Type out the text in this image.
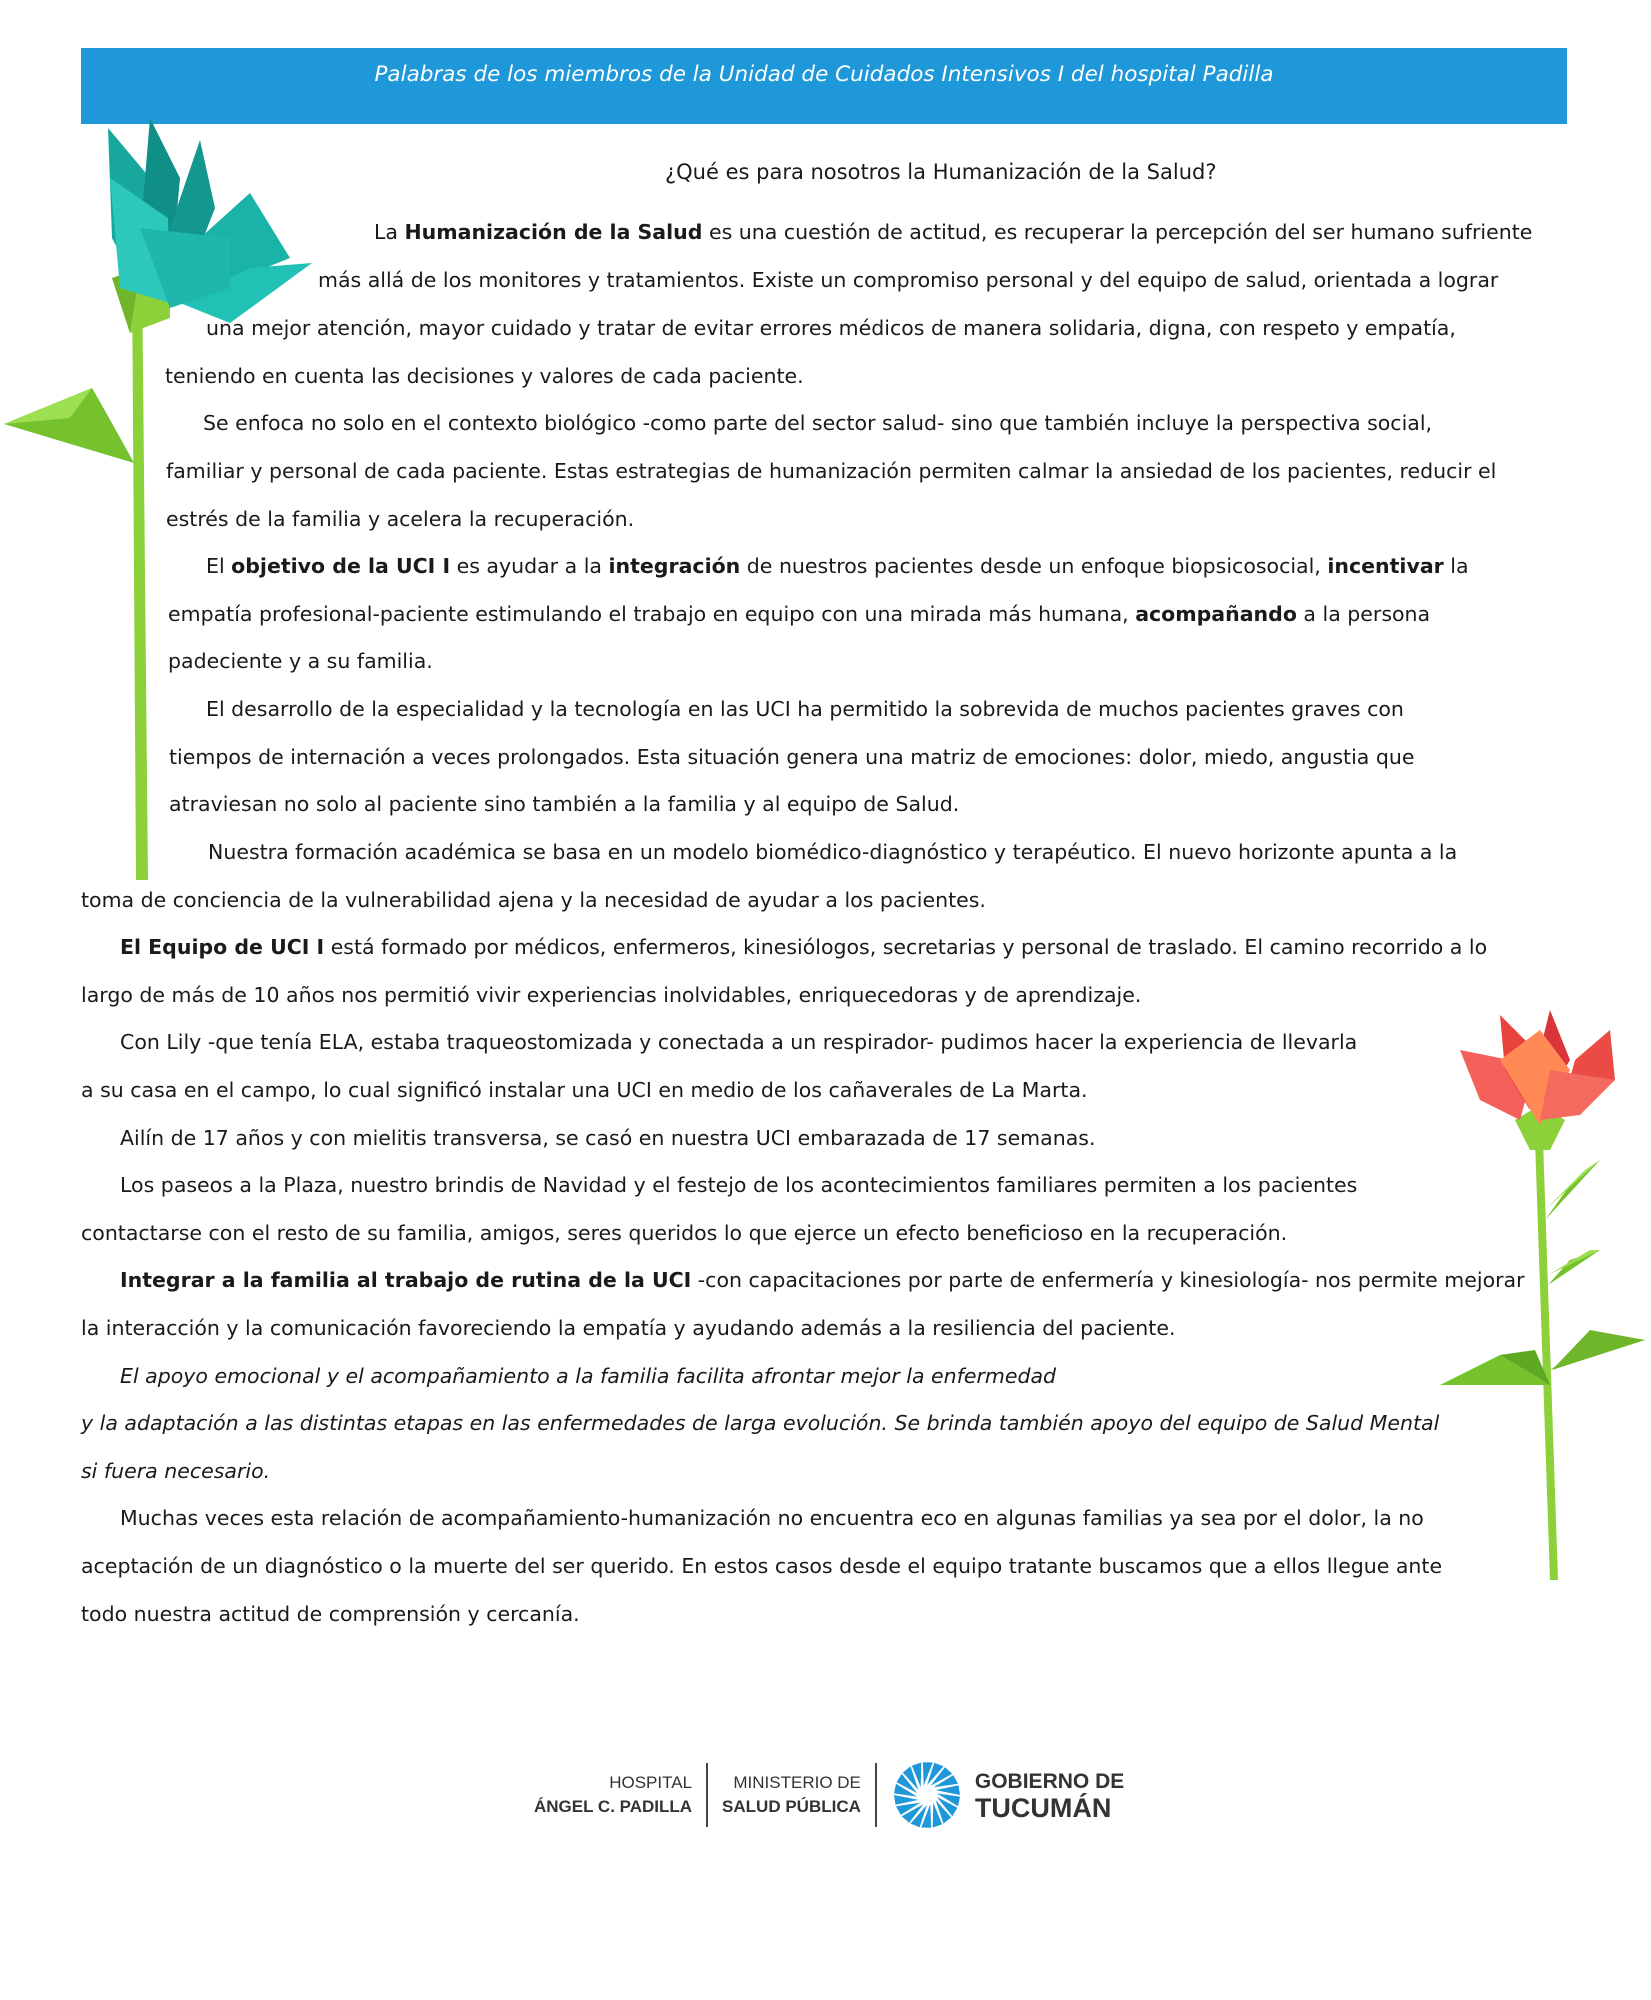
Palabras de los miembros de la Unidad de Cuidados Intensivos I del hospital Padilla
¿Qué es para nosotros la Humanización de la Salud?
La Humanización de la Salud es una cuestión de actitud, es recuperar la percepción del ser humano sufriente
más allá de los monitores y tratamientos. Existe un compromiso personal y del equipo de salud, orientada a lograr
una mejor atención, mayor cuidado y tratar de evitar errores médicos de manera solidaria, digna, con respeto y empatía,
teniendo en cuenta las decisiones y valores de cada paciente.
Se enfoca no solo en el contexto biológico -como parte del sector salud- sino que también incluye la perspectiva social,
familiar y personal de cada paciente. Estas estrategias de humanización permiten calmar la ansiedad de los pacientes, reducir el
estrés de la familia y acelera la recuperación.
El objetivo de la UCI I es ayudar a la integración de nuestros pacientes desde un enfoque biopsicosocial, incentivar la
empatía profesional-paciente estimulando el trabajo en equipo con una mirada más humana, acompañando a la persona
padeciente y a su familia.
El desarrollo de la especialidad y la tecnología en las UCI ha permitido la sobrevida de muchos pacientes graves con
tiempos de internación a veces prolongados. Esta situación genera una matriz de emociones: dolor, miedo, angustia que
atraviesan no solo al paciente sino también a la familia y al equipo de Salud.
Nuestra formación académica se basa en un modelo biomédico-diagnóstico y terapéutico. El nuevo horizonte apunta a la
toma de conciencia de la vulnerabilidad ajena y la necesidad de ayudar a los pacientes.
El Equipo de UCI I está formado por médicos, enfermeros, kinesiólogos, secretarias y personal de traslado. El camino recorrido a lo
largo de más de 10 años nos permitió vivir experiencias inolvidables, enriquecedoras y de aprendizaje.
Con Lily -que tenía ELA, estaba traqueostomizada y conectada a un respirador- pudimos hacer la experiencia de llevarla
a su casa en el campo, lo cual significó instalar una UCI en medio de los cañaverales de La Marta.
Ailín de 17 años y con mielitis transversa, se casó en nuestra UCI embarazada de 17 semanas.
Los paseos a la Plaza, nuestro brindis de Navidad y el festejo de los acontecimientos familiares permiten a los pacientes
contactarse con el resto de su familia, amigos, seres queridos lo que ejerce un efecto beneficioso en la recuperación.
Integrar a la familia al trabajo de rutina de la UCI -con capacitaciones por parte de enfermería y kinesiología- nos permite mejorar
la interacción y la comunicación favoreciendo la empatía y ayudando además a la resiliencia del paciente.
El apoyo emocional y el acompañamiento a la familia facilita afrontar mejor la enfermedad
y la adaptación a las distintas etapas en las enfermedades de larga evolución. Se brinda también apoyo del equipo de Salud Mental
si fuera necesario.
Muchas veces esta relación de acompañamiento-humanización no encuentra eco en algunas familias ya sea por el dolor, la no
aceptación de un diagnóstico o la muerte del ser querido. En estos casos desde el equipo tratante buscamos que a ellos llegue ante
todo nuestra actitud de comprensión y cercanía.
HOSPITAL
ÁNGEL C. PADILLA
MINISTERIO DE
SALUD PÚBLICA
GOBIERNO DE
TUCUMÁN
